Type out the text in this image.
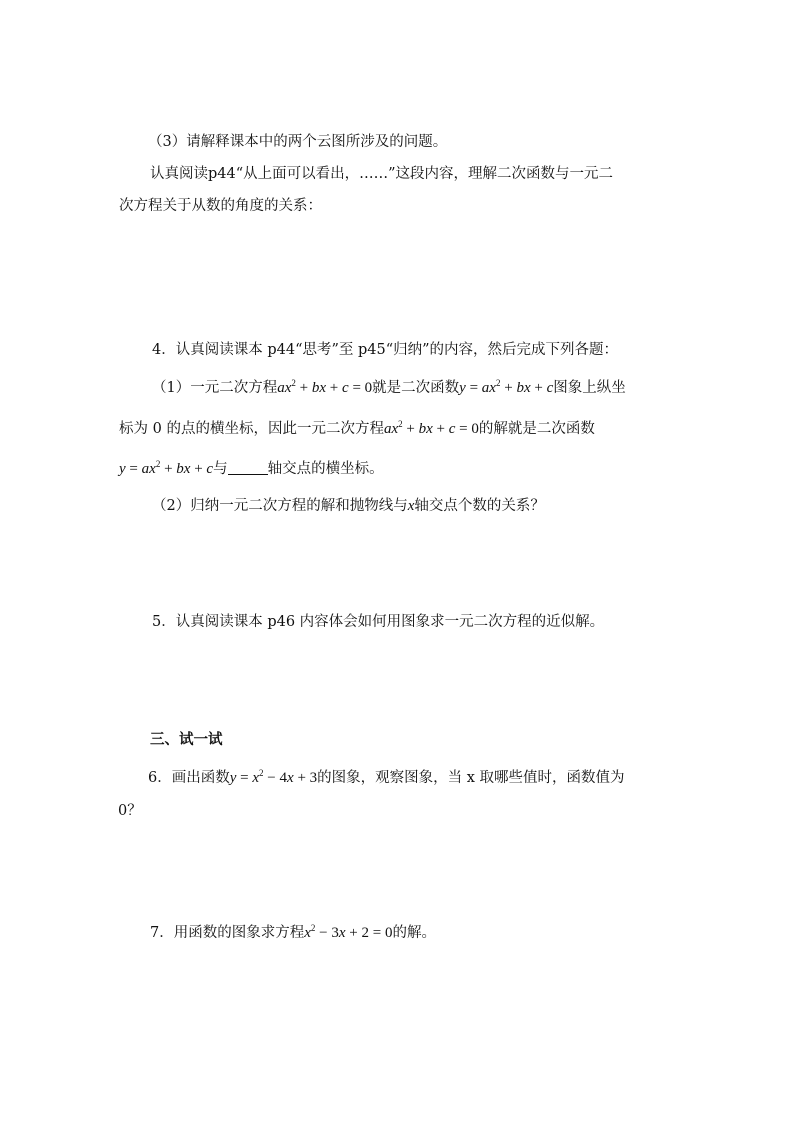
（3）请解释课本中的两个云图所涉及的问题。
认真阅读p44“从上面可以看出，……”这段内容，理解二次函数与一元二
次方程关于从数的角度的关系：
4．认真阅读课本 p44“思考”至 p45“归纳”的内容，然后完成下列各题：
（1）一元二次方程$ax^2$ + bx + c = 0就是二次函数$y = ax^2$ + bx + c图象上纵坐
标为 0 的点的横坐标，因此一元二次方程$ax^2$ + bx + c = 0的解就是二次函数
$y = ax^2$ + bx + c与	轴交点的横坐标。
（2）归纳一元二次方程的解和抛物线与x轴交点个数的关系？
5．认真阅读课本 p46 内容体会如何用图象求一元二次方程的近似解。
三、试一试
6．画出函数$y = x^2 - 4x + 3$的图象，观察图象，当 x 取哪些值时，函数值为
0？
7．用函数的图象求方程$x^2 - 3x + 2 = 0$的解。
